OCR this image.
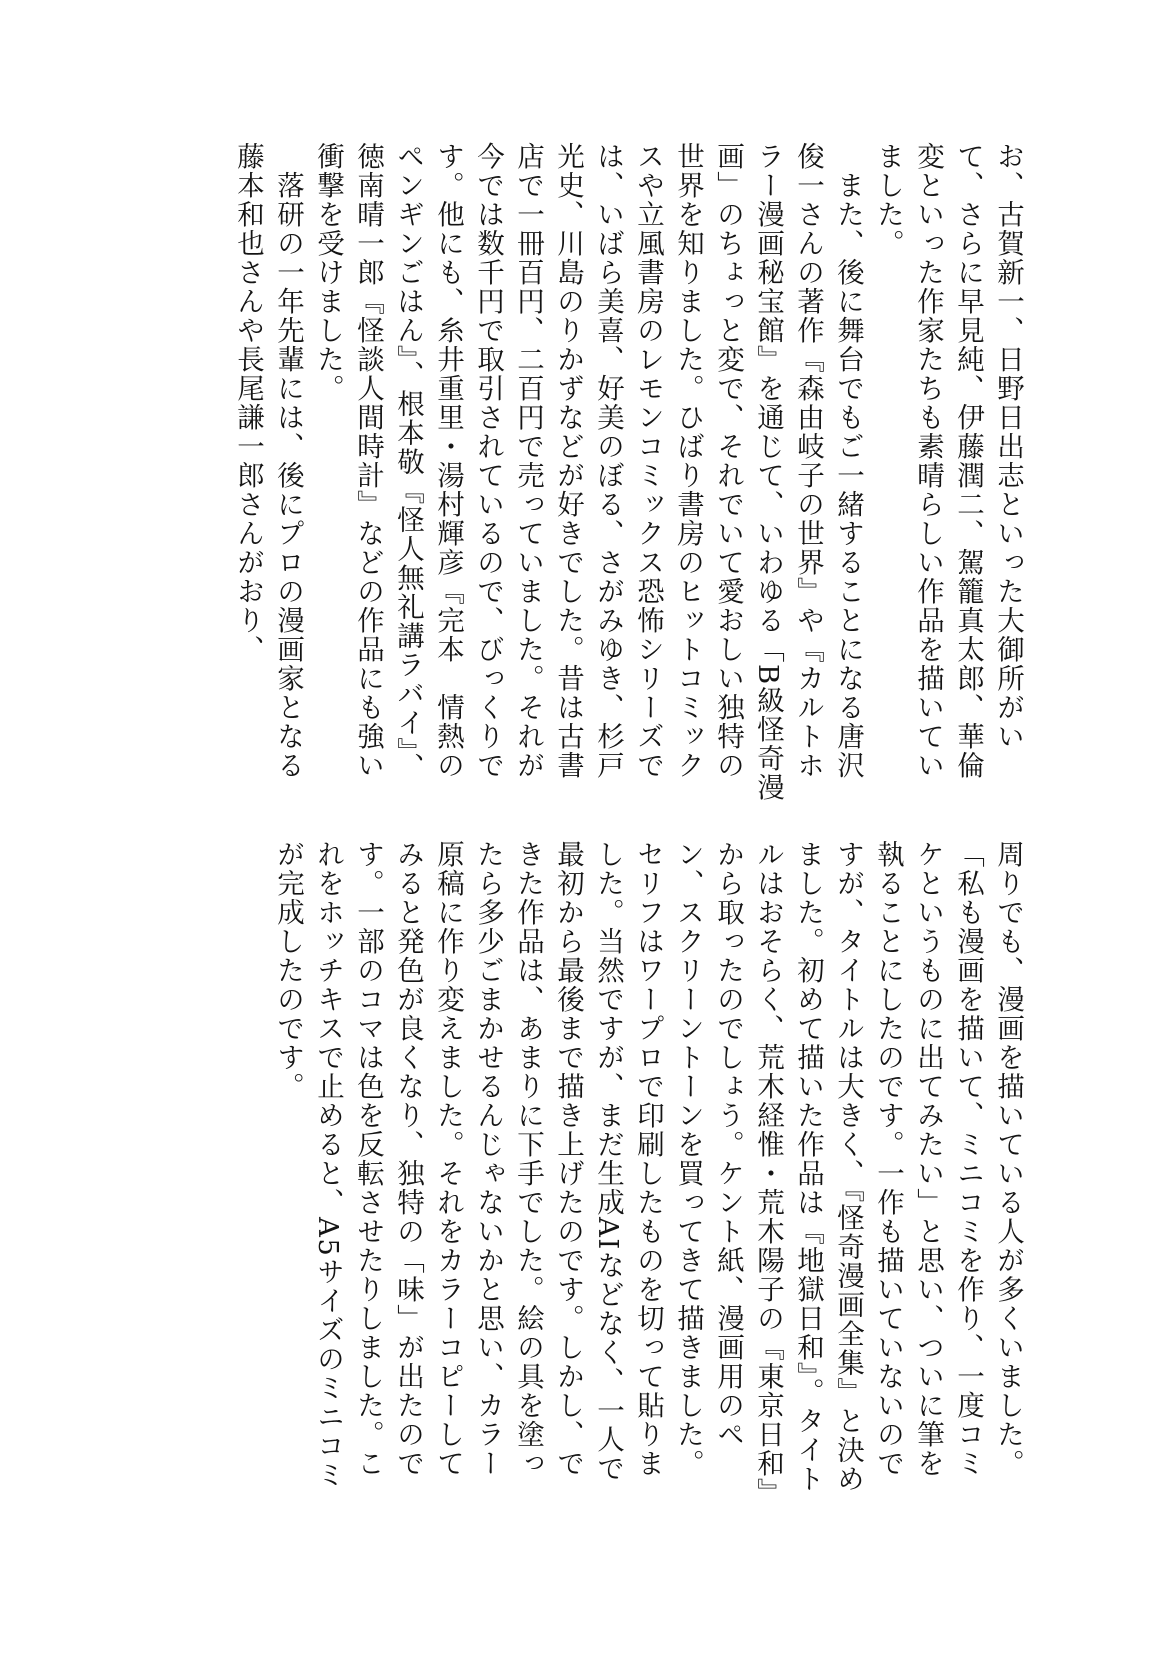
お、古賀新一、日野日出志といった大御所がいて、さらに早見純、伊藤潤二、駕籠真太郎、華倫変といった作家たちも素晴らしい作品を描いていました。

　また、後に舞台でもご一緒することになる唐沢俊一さんの著作『森由岐子の世界』や『カルトホラー漫画秘宝館』を通じて、いわゆる「B級怪奇漫画」のちょっと変で、それでいて愛おしい独特の世界を知りました。ひばり書房のヒットコミックスや立風書房のレモンコミックス恐怖シリーズでは、いばら美喜、好美のぼる、さがみゆき、杉戸光史、川島のりかずなどが好きでした。昔は古書店で一冊百円、二百円で売っていました。それが今では数千円で取引されているので、びっくりです。他にも、糸井重里・湯村輝彦『完本　情熱のペンギンごはん』、根本敬『怪人無礼講ラバイ』、徳南晴一郎『怪談人間時計』などの作品にも強い衝撃を受けました。

　落研の一年先輩には、後にプロの漫画家となる藤本和也さんや長尾謙一郎さんがおり、

周りでも、漫画を描いている人が多くいました。「私も漫画を描いて、ミニコミを作り、一度コミケというものに出てみたい」と思い、ついに筆を執ることにしたのです。一作も描いていないのですが、タイトルは大きく、『怪奇漫画全集』と決めました。初めて描いた作品は『地獄日和』。タイトルはおそらく、荒木経惟・荒木陽子の『東京日和』から取ったのでしょう。ケント紙、漫画用のペン、スクリーントーンを買ってきて描きました。セリフはワープロで印刷したものを切って貼りました。当然ですが、まだ生成AIなどなく、一人で最初から最後まで描き上げたのです。しかし、できた作品は、あまりに下手でした。絵の具を塗ったら多少ごまかせるんじゃないかと思い、カラー原稿に作り変えました。それをカラーコピーしてみると発色が良くなり、独特の「味」が出たのです。一部のコマは色を反転させたりしました。これをホッチキスで止めると、A5サイズのミニコミが完成したのです。
